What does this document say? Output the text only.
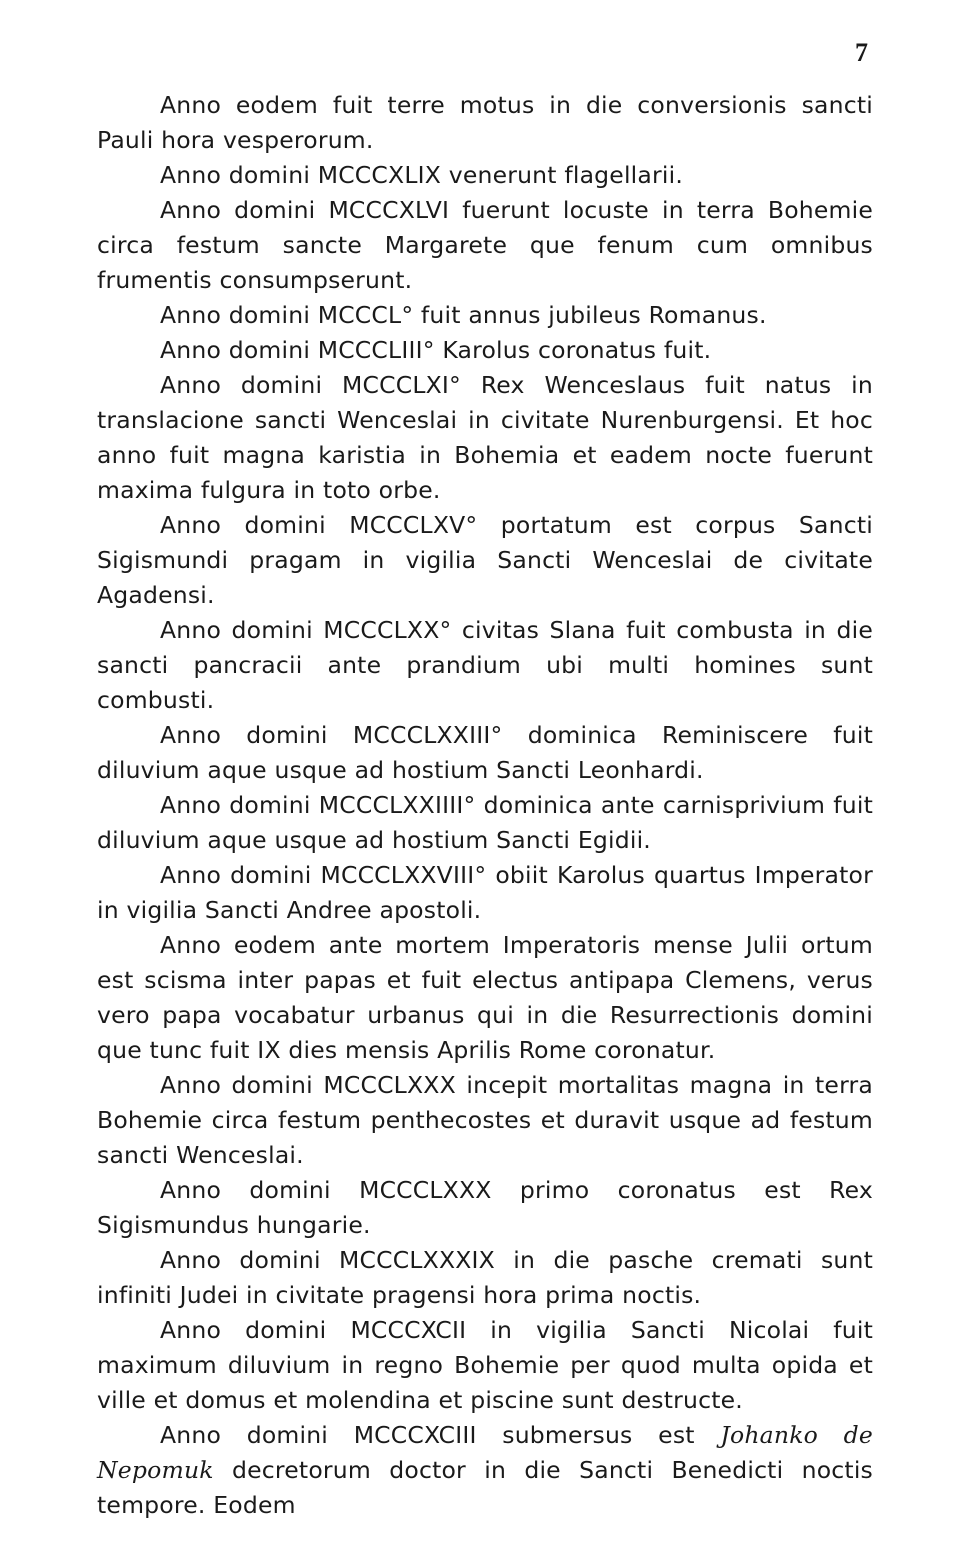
7

Anno eodem fuit terre motus in die conversionis sancti Pauli hora vesperorum.

Anno domini MCCCXLIX venerunt flagellarii.

Anno domini MCCCXLVI fuerunt locuste in terra Bohemie circa festum sancte Margarete que fenum cum omnibus frumentis consumpserunt.

Anno domini MCCCL° fuit annus jubileus Romanus.

Anno domini MCCCLIII° Karolus coronatus fuit.

Anno domini MCCCLXI° Rex Wenceslaus fuit natus in translacione sancti Wenceslai in civitate Nurenburgensi. Et hoc anno fuit magna karistia in Bohemia et eadem nocte fuerunt maxima fulgura in toto orbe.

Anno domini MCCCLXV° portatum est corpus Sancti Sigismundi pragam in vigilia Sancti Wenceslai de civitate Agadensi.

Anno domini MCCCLXX° civitas Slana fuit combusta in die sancti pancracii ante prandium ubi multi homines sunt combusti.

Anno domini MCCCLXXIII° dominica Reminiscere fuit diluvium aque usque ad hostium Sancti Leonhardi.

Anno domini MCCCLXXIIII° dominica ante carnisprivium fuit diluvium aque usque ad hostium Sancti Egidii.

Anno domini MCCCLXXVIII° obiit Karolus quartus Imperator in vigilia Sancti Andree apostoli.

Anno eodem ante mortem Imperatoris mense Julii ortum est scisma inter papas et fuit electus antipapa Clemens, verus vero papa vocabatur urbanus qui in die Resurrectionis domini que tunc fuit IX dies mensis Aprilis Rome coronatur.

Anno domini MCCCLXXX incepit mortalitas magna in terra Bohemie circa festum penthecostes et duravit usque ad festum sancti Wenceslai.

Anno domini MCCCLXXX primo coronatus est Rex Sigismundus hungarie.

Anno domini MCCCLXXXIX in die pasche cremati sunt infiniti Judei in civitate pragensi hora prima noctis.

Anno domini MCCCXCII in vigilia Sancti Nicolai fuit maximum diluvium in regno Bohemie per quod multa opida et ville et domus et molendina et piscine sunt destructe.

Anno domini MCCCXCIII submersus est Johanko de Nepomuk decretorum doctor in die Sancti Benedicti noctis tempore. Eodem
